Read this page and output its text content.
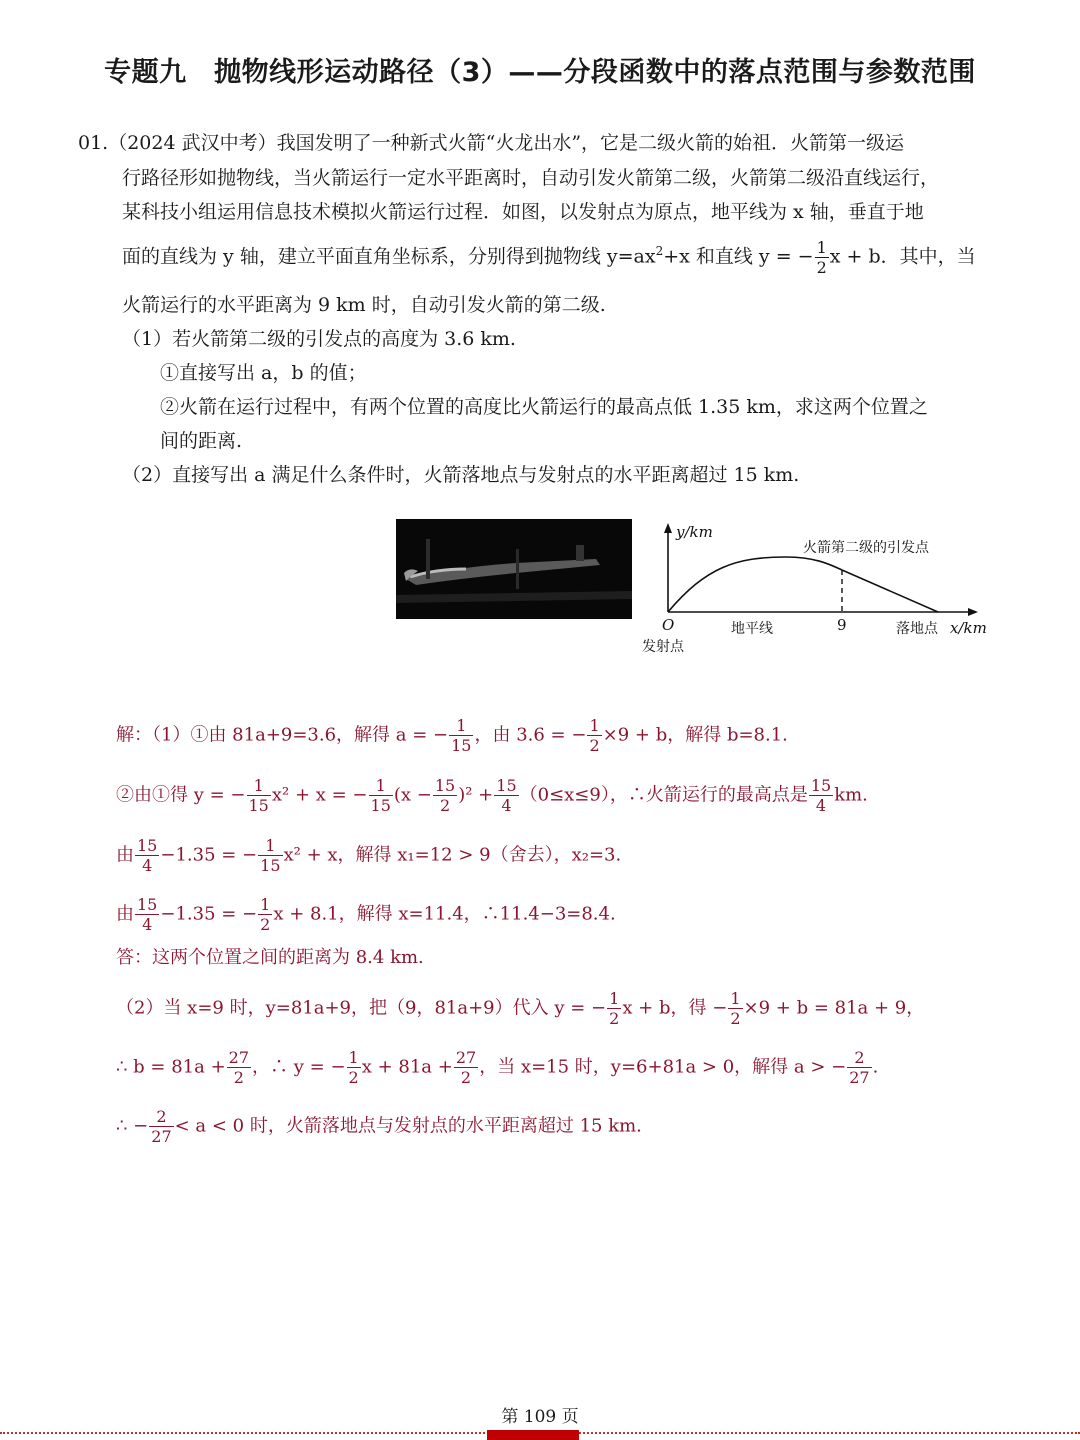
专题九　抛物线形运动路径（3）——分段函数中的落点范围与参数范围
01.（2024 武汉中考）我国发明了一种新式火箭“火龙出水”，它是二级火箭的始祖．火箭第一级运
行路径形如抛物线，当火箭运行一定水平距离时，自动引发火箭第二级，火箭第二级沿直线运行，
某科技小组运用信息技术模拟火箭运行过程．如图，以发射点为原点，地平线为 x 轴，垂直于地
面的直线为 y 轴，建立平面直角坐标系，分别得到抛物线 $y=ax^2+x$ 和直线 y = − $\frac{1}{2}$ x + b．其中，当
火箭运行的水平距离为 9 km 时，自动引发火箭的第二级.
（1）若火箭第二级的引发点的高度为 3.6 km.
①直接写出 a，b 的值；
②火箭在运行过程中，有两个位置的高度比火箭运行的最高点低 1.35 km，求这两个位置之
间的距离.
（2）直接写出 a 满足什么条件时，火箭落地点与发射点的水平距离超过 15 km.
y/km
火箭第二级的引发点
O
发射点
地平线	9	落地点 x/km
解：（1）①由 81a+9=3.6，解得 a = − $\frac{1}{15}$ ，由 3.6 = − $\frac{1}{2} \times 9 + b$，解得 b=8.1.
②由①得 y = − $\frac{1}{15} x^2 + x$ = − $\frac{1}{15} (x - \frac{15}{2} )^2 + \frac{15}{4} (0\le x\le 9)$，∴火箭运行的最高点是 $\frac{15}{4}$ km.
由 $\frac{15}{4} -1.35$ = − $\frac{1}{15} x^2 + x$，解得 x₁=12 > 9（舍去），x₂=3.
由 $\frac{15}{4} -1.35$ = − $\frac{1}{2}$ x + 8.1，解得 x=11.4，∴11.4−3=8.4.
答：这两个位置之间的距离为 8.4 km.
（2）当 x=9 时，y=81a+9，把（9，81a+9）代入 y = − $\frac{1}{2}$ x + b，得 − $\frac{1}{2} \times 9 + b = 81a + 9$，
∴ $b = 81a + \frac{27}{2}$ ，∴ y = − $\frac{1}{2}$ $x + 81a + \frac{27}{2}$ ，当 x=15 时，y=6+81a > 0，解得 a > − $\frac{2}{27}$ .
∴ − $\frac{2}{27} < a < 0$ 时，火箭落地点与发射点的水平距离超过 15 km.
第 109 页
